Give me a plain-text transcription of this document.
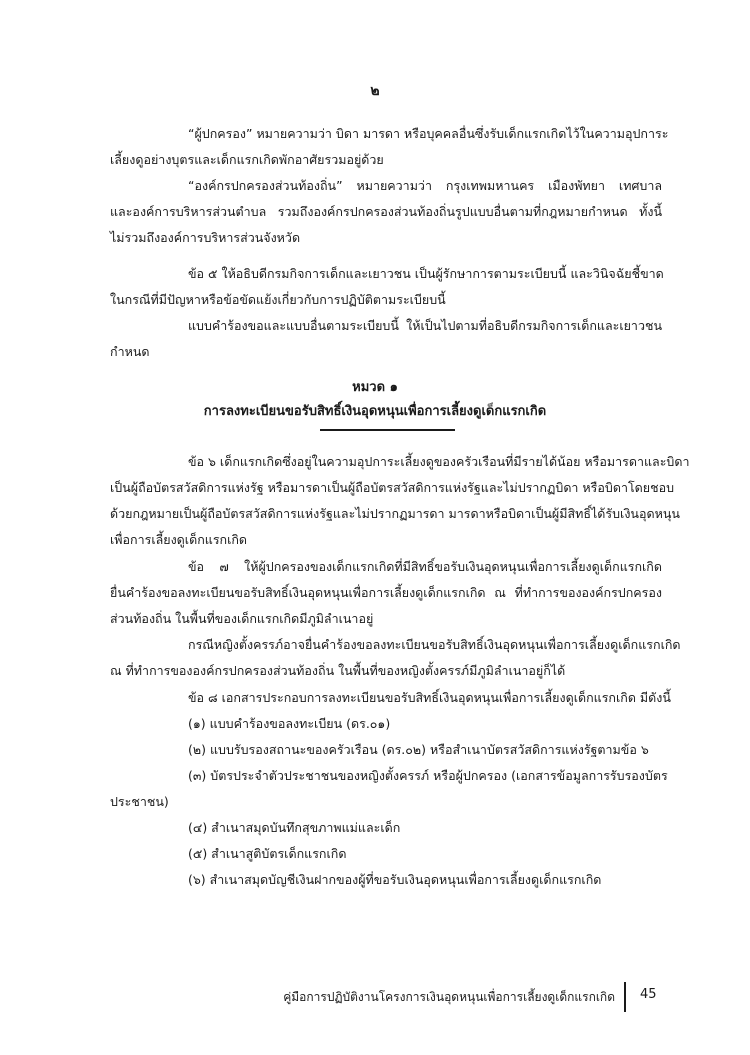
๒
“ผู้ปกครอง” หมายความว่า บิดา มารดา หรือบุคคลอื่นซึ่งรับเด็กแรกเกิดไว้ในความอุปการะ
เลี้ยงดูอย่างบุตรและเด็กแรกเกิดพักอาศัยรวมอยู่ด้วย
“องค์กรปกครองส่วนท้องถิ่น” หมายความว่า กรุงเทพมหานคร เมืองพัทยา เทศบาล
และองค์การบริหารส่วนตำบล รวมถึงองค์กรปกครองส่วนท้องถิ่นรูปแบบอื่นตามที่กฎหมายกำหนด ทั้งนี้
ไม่รวมถึงองค์การบริหารส่วนจังหวัด
ข้อ ๕ ให้อธิบดีกรมกิจการเด็กและเยาวชน เป็นผู้รักษาการตามระเบียบนี้ และวินิจฉัยชี้ขาด
ในกรณีที่มีปัญหาหรือข้อขัดแย้งเกี่ยวกับการปฏิบัติตามระเบียบนี้
แบบคำร้องขอและแบบอื่นตามระเบียบนี้ ให้เป็นไปตามที่อธิบดีกรมกิจการเด็กและเยาวชน
กำหนด
หมวด ๑
การลงทะเบียนขอรับสิทธิ์เงินอุดหนุนเพื่อการเลี้ยงดูเด็กแรกเกิด
ข้อ ๖ เด็กแรกเกิดซึ่งอยู่ในความอุปการะเลี้ยงดูของครัวเรือนที่มีรายได้น้อย หรือมารดาและบิดา
เป็นผู้ถือบัตรสวัสดิการแห่งรัฐ หรือมารดาเป็นผู้ถือบัตรสวัสดิการแห่งรัฐและไม่ปรากฏบิดา หรือบิดาโดยชอบ
ด้วยกฎหมายเป็นผู้ถือบัตรสวัสดิการแห่งรัฐและไม่ปรากฏมารดา มารดาหรือบิดาเป็นผู้มีสิทธิ์ได้รับเงินอุดหนุน
เพื่อการเลี้ยงดูเด็กแรกเกิด
ข้อ ๗ ให้ผู้ปกครองของเด็กแรกเกิดที่มีสิทธิ์ขอรับเงินอุดหนุนเพื่อการเลี้ยงดูเด็กแรกเกิด
ยื่นคำร้องขอลงทะเบียนขอรับสิทธิ์เงินอุดหนุนเพื่อการเลี้ยงดูเด็กแรกเกิด ณ ที่ทำการขององค์กรปกครอง
ส่วนท้องถิ่น ในพื้นที่ของเด็กแรกเกิดมีภูมิลำเนาอยู่
กรณีหญิงตั้งครรภ์อาจยื่นคำร้องขอลงทะเบียนขอรับสิทธิ์เงินอุดหนุนเพื่อการเลี้ยงดูเด็กแรกเกิด
ณ ที่ทำการขององค์กรปกครองส่วนท้องถิ่น ในพื้นที่ของหญิงตั้งครรภ์มีภูมิลำเนาอยู่ก็ได้
ข้อ ๘ เอกสารประกอบการลงทะเบียนขอรับสิทธิ์เงินอุดหนุนเพื่อการเลี้ยงดูเด็กแรกเกิด มีดังนี้
(๑) แบบคำร้องขอลงทะเบียน (ดร.๐๑)
(๒) แบบรับรองสถานะของครัวเรือน (ดร.๐๒) หรือสำเนาบัตรสวัสดิการแห่งรัฐตามข้อ ๖
(๓) บัตรประจำตัวประชาชนของหญิงตั้งครรภ์ หรือผู้ปกครอง (เอกสารข้อมูลการรับรองบัตร
ประชาชน)
(๔) สำเนาสมุดบันทึกสุขภาพแม่และเด็ก
(๕) สำเนาสูติบัตรเด็กแรกเกิด
(๖) สำเนาสมุดบัญชีเงินฝากของผู้ที่ขอรับเงินอุดหนุนเพื่อการเลี้ยงดูเด็กแรกเกิด
คู่มือการปฏิบัติงานโครงการเงินอุดหนุนเพื่อการเลี้ยงดูเด็กแรกเกิด 45
